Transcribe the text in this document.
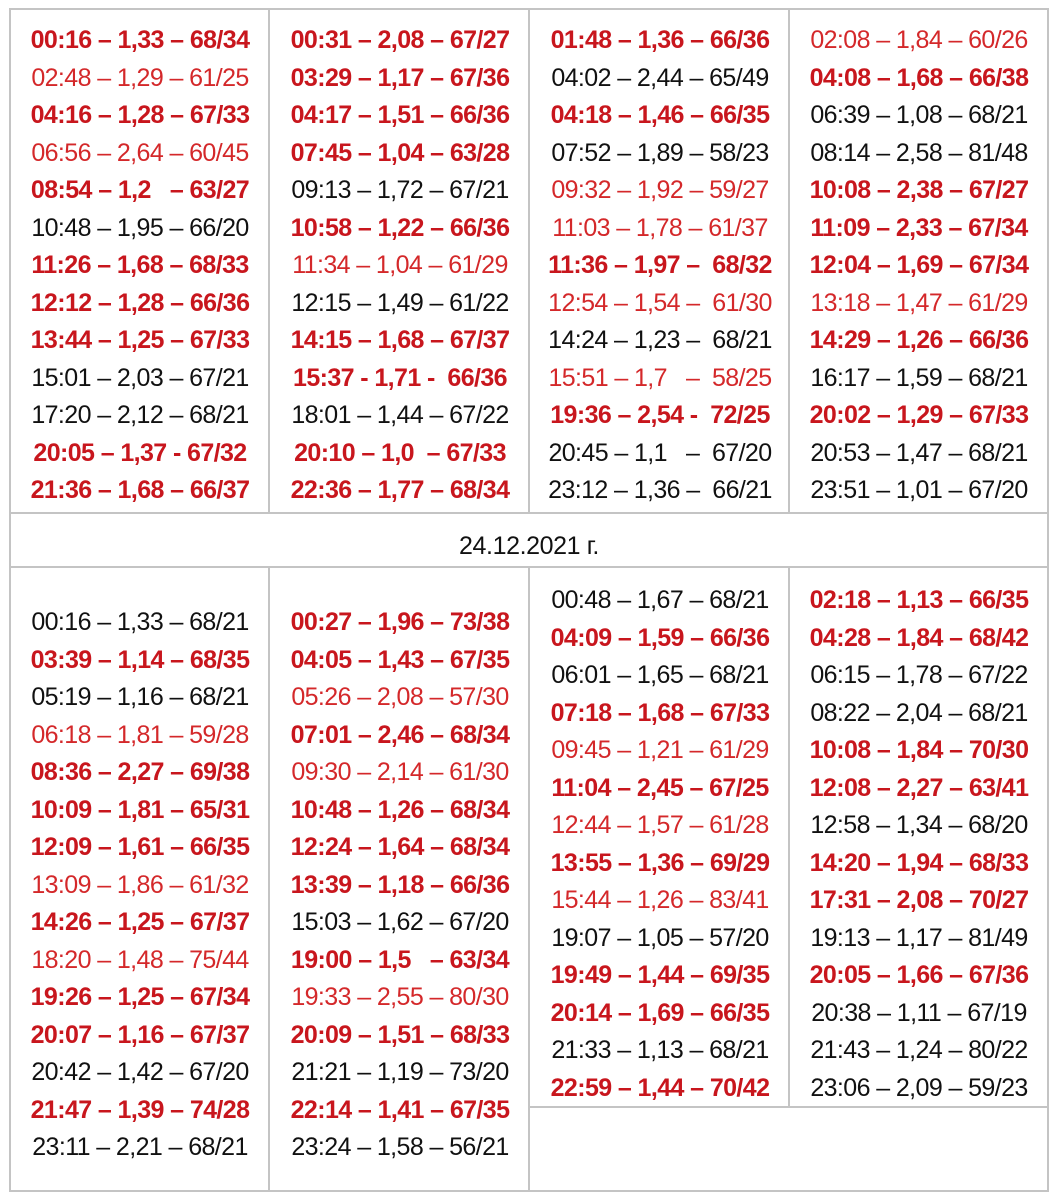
24.12.2021 г.
00:16 – 1,33 – 68/34
02:48 – 1,29 – 61/25
04:16 – 1,28 – 67/33
06:56 – 2,64 – 60/45
08:54 – 1,2   – 63/27
10:48 – 1,95 – 66/20
11:26 – 1,68 – 68/33
12:12 – 1,28 – 66/36
13:44 – 1,25 – 67/33
15:01 – 2,03 – 67/21
17:20 – 2,12 – 68/21
20:05 – 1,37 - 67/32
21:36 – 1,68 – 66/37
00:31 – 2,08 – 67/27
03:29 – 1,17 – 67/36
04:17 – 1,51 – 66/36
07:45 – 1,04 – 63/28
09:13 – 1,72 – 67/21
10:58 – 1,22 – 66/36
11:34 – 1,04 – 61/29
12:15 – 1,49 – 61/22
14:15 – 1,68 – 67/37
15:37 - 1,71 -  66/36
18:01 – 1,44 – 67/22
20:10 – 1,0  – 67/33
22:36 – 1,77 – 68/34
01:48 – 1,36 – 66/36
04:02 – 2,44 – 65/49
04:18 – 1,46 – 66/35
07:52 – 1,89 – 58/23
09:32 – 1,92 – 59/27
11:03 – 1,78 – 61/37
11:36 – 1,97 –  68/32
12:54 – 1,54 –  61/30
14:24 – 1,23 –  68/21
15:51 – 1,7   –  58/25
19:36 – 2,54 -  72/25
20:45 – 1,1   –  67/20
23:12 – 1,36 –  66/21
02:08 – 1,84 – 60/26
04:08 – 1,68 – 66/38
06:39 – 1,08 – 68/21
08:14 – 2,58 – 81/48
10:08 – 2,38 – 67/27
11:09 – 2,33 – 67/34
12:04 – 1,69 – 67/34
13:18 – 1,47 – 61/29
14:29 – 1,26 – 66/36
16:17 – 1,59 – 68/21
20:02 – 1,29 – 67/33
20:53 – 1,47 – 68/21
23:51 – 1,01 – 67/20
00:16 – 1,33 – 68/21
03:39 – 1,14 – 68/35
05:19 – 1,16 – 68/21
06:18 – 1,81 – 59/28
08:36 – 2,27 – 69/38
10:09 – 1,81 – 65/31
12:09 – 1,61 – 66/35
13:09 – 1,86 – 61/32
14:26 – 1,25 – 67/37
18:20 – 1,48 – 75/44
19:26 – 1,25 – 67/34
20:07 – 1,16 – 67/37
20:42 – 1,42 – 67/20
21:47 – 1,39 – 74/28
23:11 – 2,21 – 68/21
00:27 – 1,96 – 73/38
04:05 – 1,43 – 67/35
05:26 – 2,08 – 57/30
07:01 – 2,46 – 68/34
09:30 – 2,14 – 61/30
10:48 – 1,26 – 68/34
12:24 – 1,64 – 68/34
13:39 – 1,18 – 66/36
15:03 – 1,62 – 67/20
19:00 – 1,5   – 63/34
19:33 – 2,55 – 80/30
20:09 – 1,51 – 68/33
21:21 – 1,19 – 73/20
22:14 – 1,41 – 67/35
23:24 – 1,58 – 56/21
00:48 – 1,67 – 68/21
04:09 – 1,59 – 66/36
06:01 – 1,65 – 68/21
07:18 – 1,68 – 67/33
09:45 – 1,21 – 61/29
11:04 – 2,45 – 67/25
12:44 – 1,57 – 61/28
13:55 – 1,36 – 69/29
15:44 – 1,26 – 83/41
19:07 – 1,05 – 57/20
19:49 – 1,44 – 69/35
20:14 – 1,69 – 66/35
21:33 – 1,13 – 68/21
22:59 – 1,44 – 70/42
02:18 – 1,13 – 66/35
04:28 – 1,84 – 68/42
06:15 – 1,78 – 67/22
08:22 – 2,04 – 68/21
10:08 – 1,84 – 70/30
12:08 – 2,27 – 63/41
12:58 – 1,34 – 68/20
14:20 – 1,94 – 68/33
17:31 – 2,08 – 70/27
19:13 – 1,17 – 81/49
20:05 – 1,66 – 67/36
20:38 – 1,11 – 67/19
21:43 – 1,24 – 80/22
23:06 – 2,09 – 59/23
